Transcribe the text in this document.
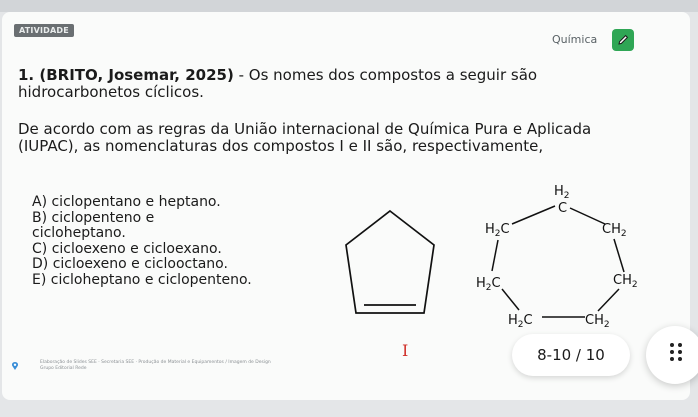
ATIVIDADE
Química
1. (BRITO, Josemar, 2025) - Os nomes dos compostos a seguir são hidrocarbonetos cíclicos.
De acordo com as regras da União internacional de Química Pura e Aplicada (IUPAC), as nomenclaturas dos compostos I e II são, respectivamente,
A) ciclopentano e heptano.
B) ciclopenteno e
cicloheptano.
C) cicloexeno e cicloexano.
D) cicloexeno e ciclooctano.
E) cicloheptano e ciclopenteno.
I
$H_2$
C
$H_2C$	$CH_2$
$H_2C$	$CH_2$
$H_2C$	$CH_2$
Elaboração de Slides SEE · Secretaria SEE · Produção de Material e Equipamentos / Imagem de Design
Grupo Editorial Rede
8-10 / 10
